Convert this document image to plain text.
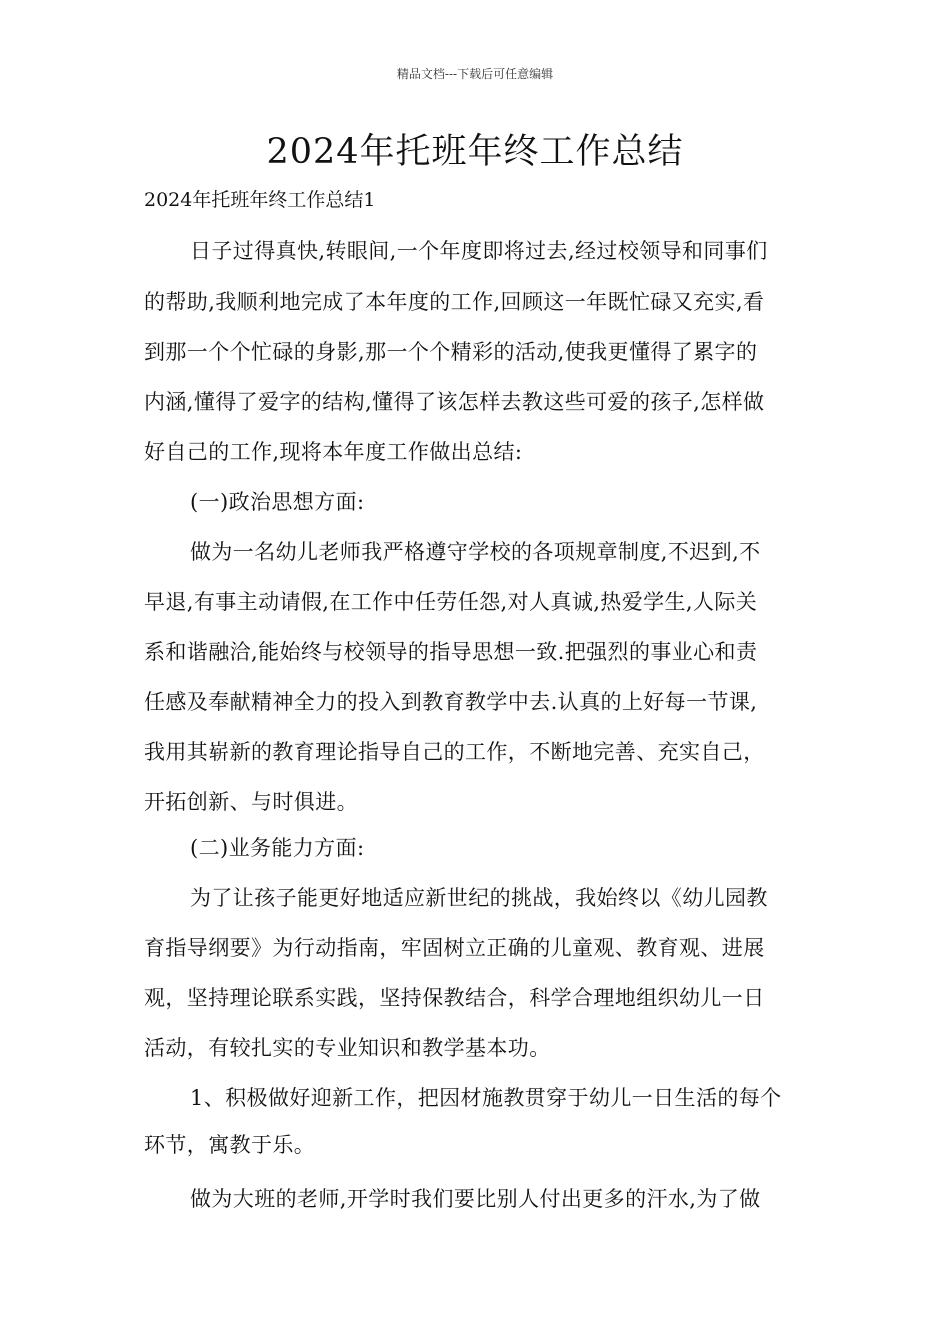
精品文档---下载后可任意编辑
2024年托班年终工作总结
2024年托班年终工作总结1
日子过得真快,转眼间,一个年度即将过去,经过校领导和同事们
的帮助,我顺利地完成了本年度的工作,回顾这一年既忙碌又充实,看
到那一个个忙碌的身影,那一个个精彩的活动,使我更懂得了累字的
内涵,懂得了爱字的结构,懂得了该怎样去教这些可爱的孩子,怎样做
好自己的工作,现将本年度工作做出总结:
(一)政治思想方面:
做为一名幼儿老师我严格遵守学校的各项规章制度,不迟到,不
早退,有事主动请假,在工作中任劳任怨,对人真诚,热爱学生,人际关
系和谐融洽,能始终与校领导的指导思想一致.把强烈的事业心和责
任感及奉献精神全力的投入到教育教学中去.认真的上好每一节课,
我用其崭新的教育理论指导自己的工作，不断地完善、充实自己，
开拓创新、与时俱进。
(二)业务能力方面:
为了让孩子能更好地适应新世纪的挑战，我始终以《幼儿园教
育指导纲要》为行动指南，牢固树立正确的儿童观、教育观、进展
观，坚持理论联系实践，坚持保教结合，科学合理地组织幼儿一日
活动，有较扎实的专业知识和教学基本功。
1、积极做好迎新工作，把因材施教贯穿于幼儿一日生活的每个
环节，寓教于乐。
做为大班的老师,开学时我们要比别人付出更多的汗水,为了做
